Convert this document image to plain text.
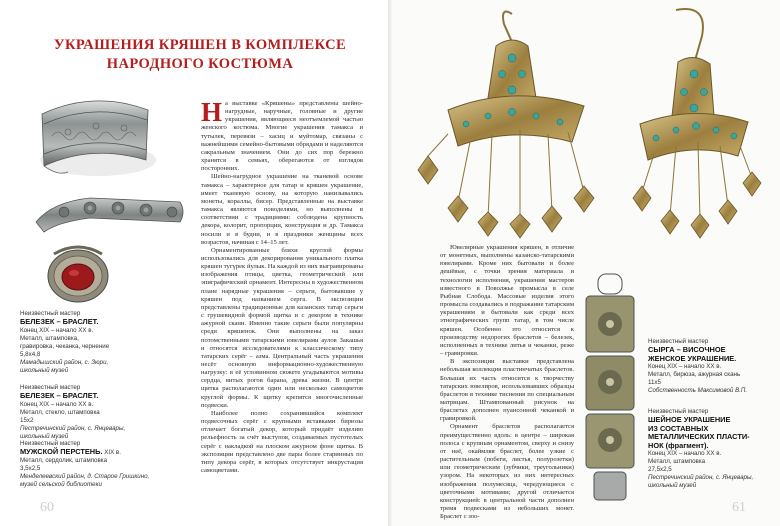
УКРАШЕНИЯ КРЯШЕН В КОМПЛЕКСЕ
НАРОДНОГО КОСТЮМА
Неизвестный мастер
БЕЛЕЗЕК – БРАСЛЕТ.
Конец XIX – начало XX в.
Металл, штамповка,
гравировка, чеканка, чернение
5,8х4,8
Мамадышский район, с. Зюри,
школьный музей
Неизвестный мастер
БЕЛЕЗЕК – БРАСЛЕТ.
Конец XIX – начало XX в.
Металл, стекло, штамповка
15х2
Пестречинский район, с. Янцевары,
школьный музей
Неизвестный мастер
МУЖСКОЙ ПЕРСТЕНЬ. XIX в.
Металл, сердолик, штамповка
3,5х2,5
Менделеевский район, д. Старое Гришкино,
музей сельской библиотеки

На выставке «Кряшены» представлены шейно-нагрудные, наручные, головные и другие украшения, являющиеся неотъемлемой частью женского костюма. Многие украшения тамакса и тутылек, перевязи – хасиц и муйтомар, связаны с важнейшими семейно-бытовыми обрядами и наделяются сакральным значением. Они до сих пор бережно хранятся в семьях, оберегаются от взглядов посторонних.

Шейно-нагрудное украшение на тканевой основе тамакса – характерное для татар и кряшен украшение, имеет тканевую основу, на которую нанизывались монеты, кораллы, бисер. Представленные на выставке тамакса являются поводелями, но выполнены в соответствии с традициями: соблюдена крупность декора, колорит, пропорции, конструкция и др. Тамакса носили и в будни, и в праздники женщины всех возрастов, начиная с 14–15 лет.

Орнаментированные бляхи круглой формы использовались для декорирования уникального платка кряшен тугүрек йулык. На каждой из них выгравированы изображения птицы, цветка, геометрический или эпиграфический орнамент. Интересны в художественном плане нарядные украшения – серьги, бытовавшие у кряшен под названием серга. В экспозиции представлены традиционные для казанских татар серьги с грушевидной формой щитка и с декором в технике ажурной скани. Именно такие серьги были популярны среди кряшенок. Они выполнены на заказ потомственными татарскими ювелирами аулов Закашья и относятся исследователями к классическому типу татарских серёг – азма. Центральный часть украшения несёт основную информационно-художественную нагрузку: в её угловинном сюжете угадываются мотивы сердца, витых рогов барана, древа жизни. В центре щитка располагаются один или несколько самоцветов круглой формы. К щитку крепятся многочисленные подвески.

Наиболее полно сохранившийся комплект подвесочных серёг с крупными вставками бирюзы отличает богатый декор, который придаёт изделию рельефность за счёт выступов, создаваемых пустотелых серёг с накладкой на плоском ажурном фоне щитка. В экспозиции представлено две пары более старинных по типу декора серёг, в которых отсутствует инкрустация самоцветами.

60

Ювелирные украшения кряшен, в отличие от монетных, выполнены казанско-татарскими ювелирами. Кроме них бытовали и более дешёвые, с точки зрения материала и технологии исполнения, украшения мастеров известного в Поволжье промысла в селе Рыбная Слобода. Массовые изделия этого промысла создавались в подражание татарским украшениям и бытовали как среди всех этнографических групп татар, в том числе кряшен. Особенно это относится к производству недорогих браслетов – белезек, исполненных в технике литья и чеканки, реже – гравировки.

В экспозиции выставки представлена небольшая коллекция пластинчатых браслетов. Большая их часть относится к творчеству татарских ювелиров, использовавших образцы браслетов в технике тиснения по специальным матрицам. Штампованный рисунок на браслетах дополнен пуансонной чеканкой и гравировкой.

Орнамент браслетов располагается преимущественно вдоль: в центре – широкая полоса с крупным орнаментом, сверху и снизу от неё, окаймляя браслет, более узкие с растительным (побеги, листья, полурозетки) или геометрическим (зубчики, треугольники) узором. На некоторых из них интересных изображения полумесяца, чередующиеся с цветочными мотивами; другой отличается конструкцией: в центральной части дополнен тремя подвесками из небольших монет. Браслет с зоо-

Неизвестный мастер
СЫРГА – ВИСОЧНОЕ
ЖЕНСКОЕ УКРАШЕНИЕ.
Конец XIX – начало XX в.
Металл, бирюза, ажурная скань
11х5
Собственность Максимовой В.П.
Неизвестный мастер
ШЕЙНОЕ УКРАШЕНИЕ
ИЗ СОСТАВНЫХ
МЕТАЛЛИЧЕСКИХ ПЛАСТИ-
НОК (фрагмент).
Конец XIX – начало XX в.
Металл, штамповка
27,5х2,5
Пестречинский район, с. Янцевары, школьный музей
61
